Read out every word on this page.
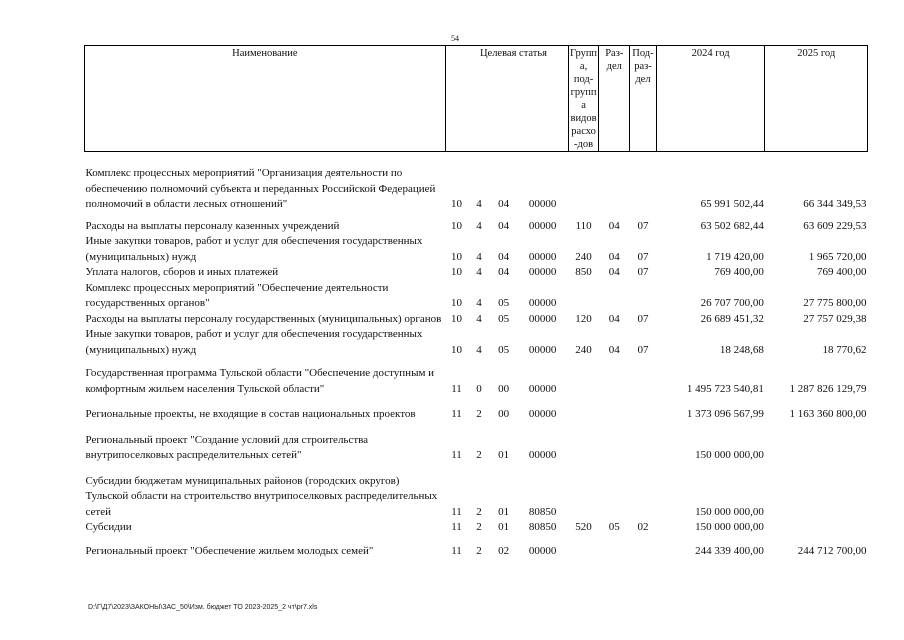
54
Наименование				Целевая статья	Группа, под-группа видов расхо-дов	Раз-дел	Под-раз-дел	2024 год	2025 год
Комплекс процессных мероприятий "Организация деятельности по обеспечению полномочий субъекта и переданных Российской Федерацией полномочий в области лесных отношений"	10	4	04	00000				65 991 502,44	66 344 349,53
Расходы на выплаты персоналу казенных учреждений	10	4	04	00000	110	04	07	63 502 682,44	63 609 229,53
Иные закупки товаров, работ и услуг для обеспечения государственных (муниципальных) нужд	10	4	04	00000	240	04	07	1 719 420,00	1 965 720,00
Уплата налогов, сборов и иных платежей	10	4	04	00000	850	04	07	769 400,00	769 400,00
Комплекс процессных мероприятий "Обеспечение деятельности государственных органов"	10	4	05	00000				26 707 700,00	27 775 800,00
Расходы на выплаты персоналу государственных (муниципальных) органов	10	4	05	00000	120	04	07	26 689 451,32	27 757 029,38
Иные закупки товаров, работ и услуг для обеспечения государственных (муниципальных) нужд	10	4	05	00000	240	04	07	18 248,68	18 770,62
Государственная программа Тульской области "Обеспечение доступным и комфортным жильем населения Тульской области"	11	0	00	00000				1 495 723 540,81	1 287 826 129,79
Региональные проекты, не входящие в состав национальных проектов	11	2	00	00000				1 373 096 567,99	1 163 360 800,00
Региональный проект "Создание условий для строительства внутрипоселковых распределительных сетей"	11	2	01	00000				150 000 000,00	
Субсидии бюджетам муниципальных районов (городских округов) Тульской области на строительство внутрипоселковых распределительных сетей	11	2	01	80850				150 000 000,00	
Субсидии	11	2	01	80850	520	05	02	150 000 000,00	
Региональный проект "Обеспечение жильем молодых семей"	11	2	02	00000				244 339 400,00	244 712 700,00
D:\Г\Д7\2023\ЗАКОНЫ\ЗАС_50\Изм. бюджет ТО 2023-2025_2 чт\pr7.xls
